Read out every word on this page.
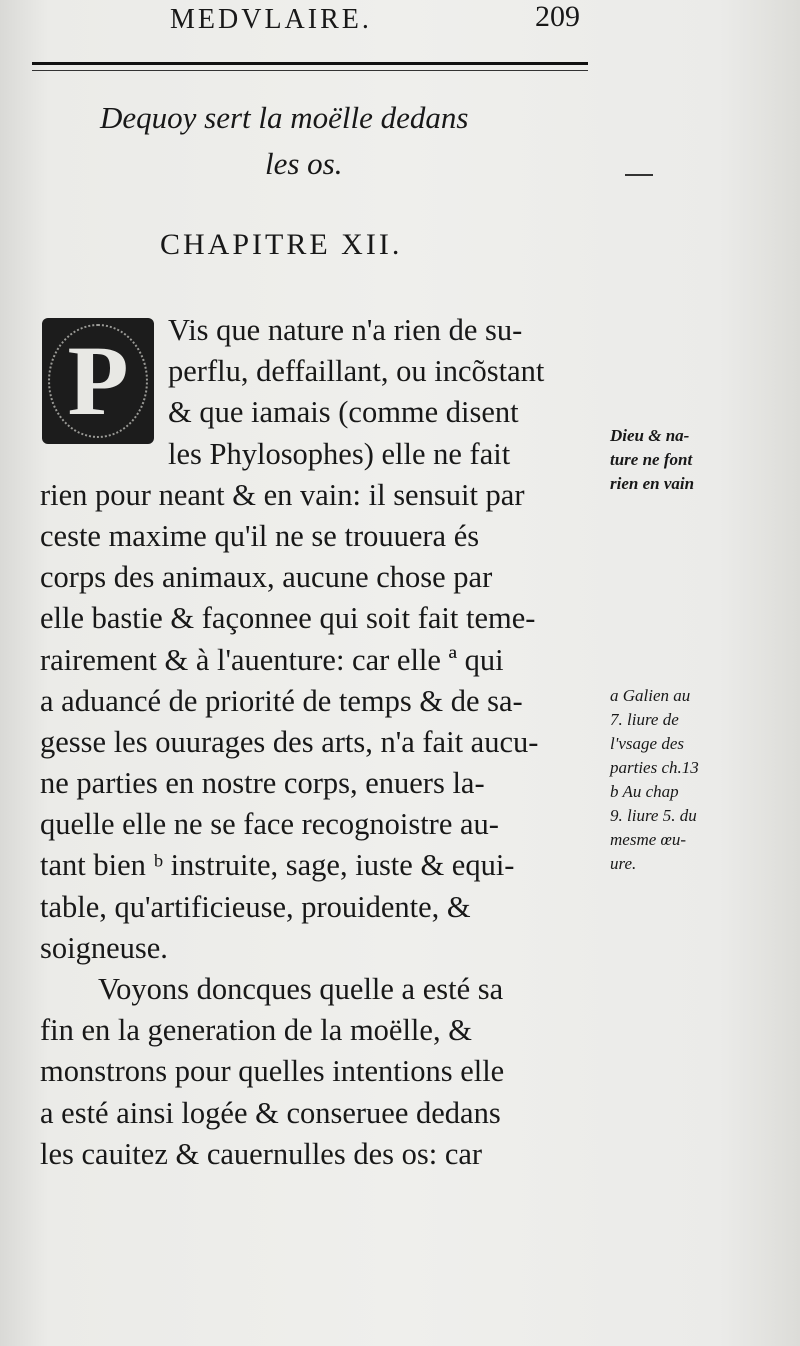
MEDVLAIRE.	209
Dequoy sert la moëlle dedans
les os.
CHAPITRE XII.
P	Vis que nature n'a rien de su-
perflu, deffaillant, ou incõstant
& que iamais (comme disent
les Phylosophes) elle ne fait
rien pour neant & en vain: il sensuit par
ceste maxime qu'il ne se trouuera és
corps des animaux, aucune chose par
elle bastie & façonnee qui soit fait teme-
rairement & à l'auenture: car elle ª qui
a aduancé de priorité de temps & de sa-
gesse les ouurages des arts, n'a fait aucu-
ne parties en nostre corps, enuers la-
quelle elle ne se face recognoistre au-
tant bien ᵇ instruite, sage, iuste & equi-
table, qu'artificieuse, prouidente, &
soigneuse.
Voyons doncques quelle a esté sa
fin en la generation de la moëlle, &
monstrons pour quelles intentions elle
a esté ainsi logée & conseruee dedans
les cauitez & cauernulles des os: car
Dieu & na-
ture ne font
rien en vain
a Galien au
7. liure de
l'vsage des
parties ch.13
b Au chap
9. liure 5. du
mesme œu-
ure.
